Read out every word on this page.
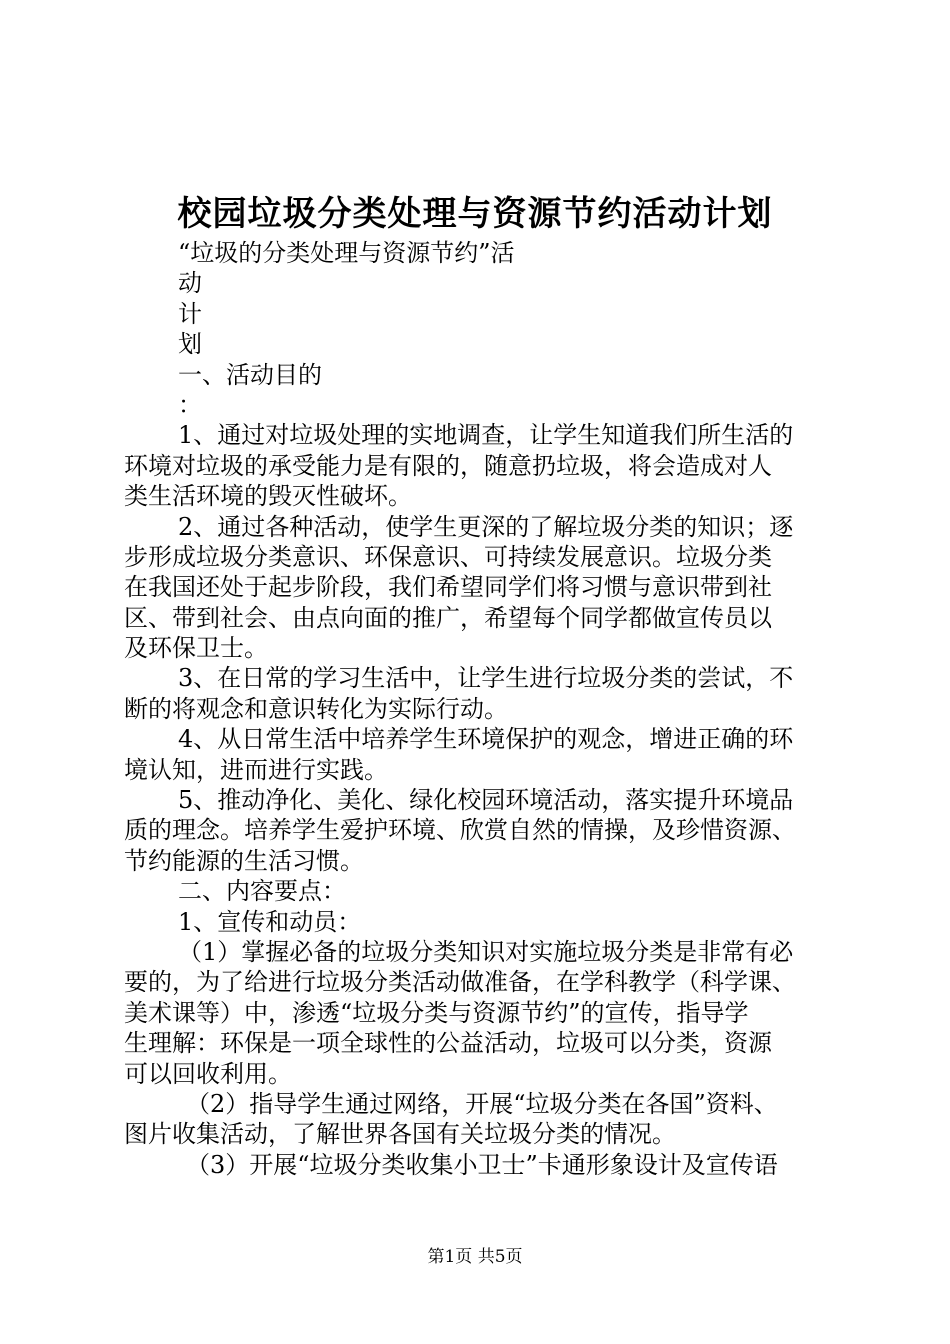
校园垃圾分类处理与资源节约活动计划
“垃圾的分类处理与资源节约”活
动
计
划
一、活动目的
：
1、通过对垃圾处理的实地调查，让学生知道我们所生活的
环境对垃圾的承受能力是有限的，随意扔垃圾，将会造成对人
类生活环境的毁灭性破坏。
2、通过各种活动，使学生更深的了解垃圾分类的知识；逐
步形成垃圾分类意识、环保意识、可持续发展意识。垃圾分类
在我国还处于起步阶段，我们希望同学们将习惯与意识带到社
区、带到社会、由点向面的推广，希望每个同学都做宣传员以
及环保卫士。
3、在日常的学习生活中，让学生进行垃圾分类的尝试，不
断的将观念和意识转化为实际行动。
4、从日常生活中培养学生环境保护的观念，增进正确的环
境认知，进而进行实践。
5、推动净化、美化、绿化校园环境活动，落实提升环境品
质的理念。培养学生爱护环境、欣赏自然的情操，及珍惜资源、
节约能源的生活习惯。
二、内容要点：
1、宣传和动员：
（1）掌握必备的垃圾分类知识对实施垃圾分类是非常有必
要的，为了给进行垃圾分类活动做准备，在学科教学（科学课、
美术课等）中，渗透“垃圾分类与资源节约”的宣传，指导学
生理解：环保是一项全球性的公益活动，垃圾可以分类，资源
可以回收利用。
（2）指导学生通过网络，开展“垃圾分类在各国”资料、
图片收集活动，了解世界各国有关垃圾分类的情况。
（3）开展“垃圾分类收集小卫士”卡通形象设计及宣传语
第1页 共5页
